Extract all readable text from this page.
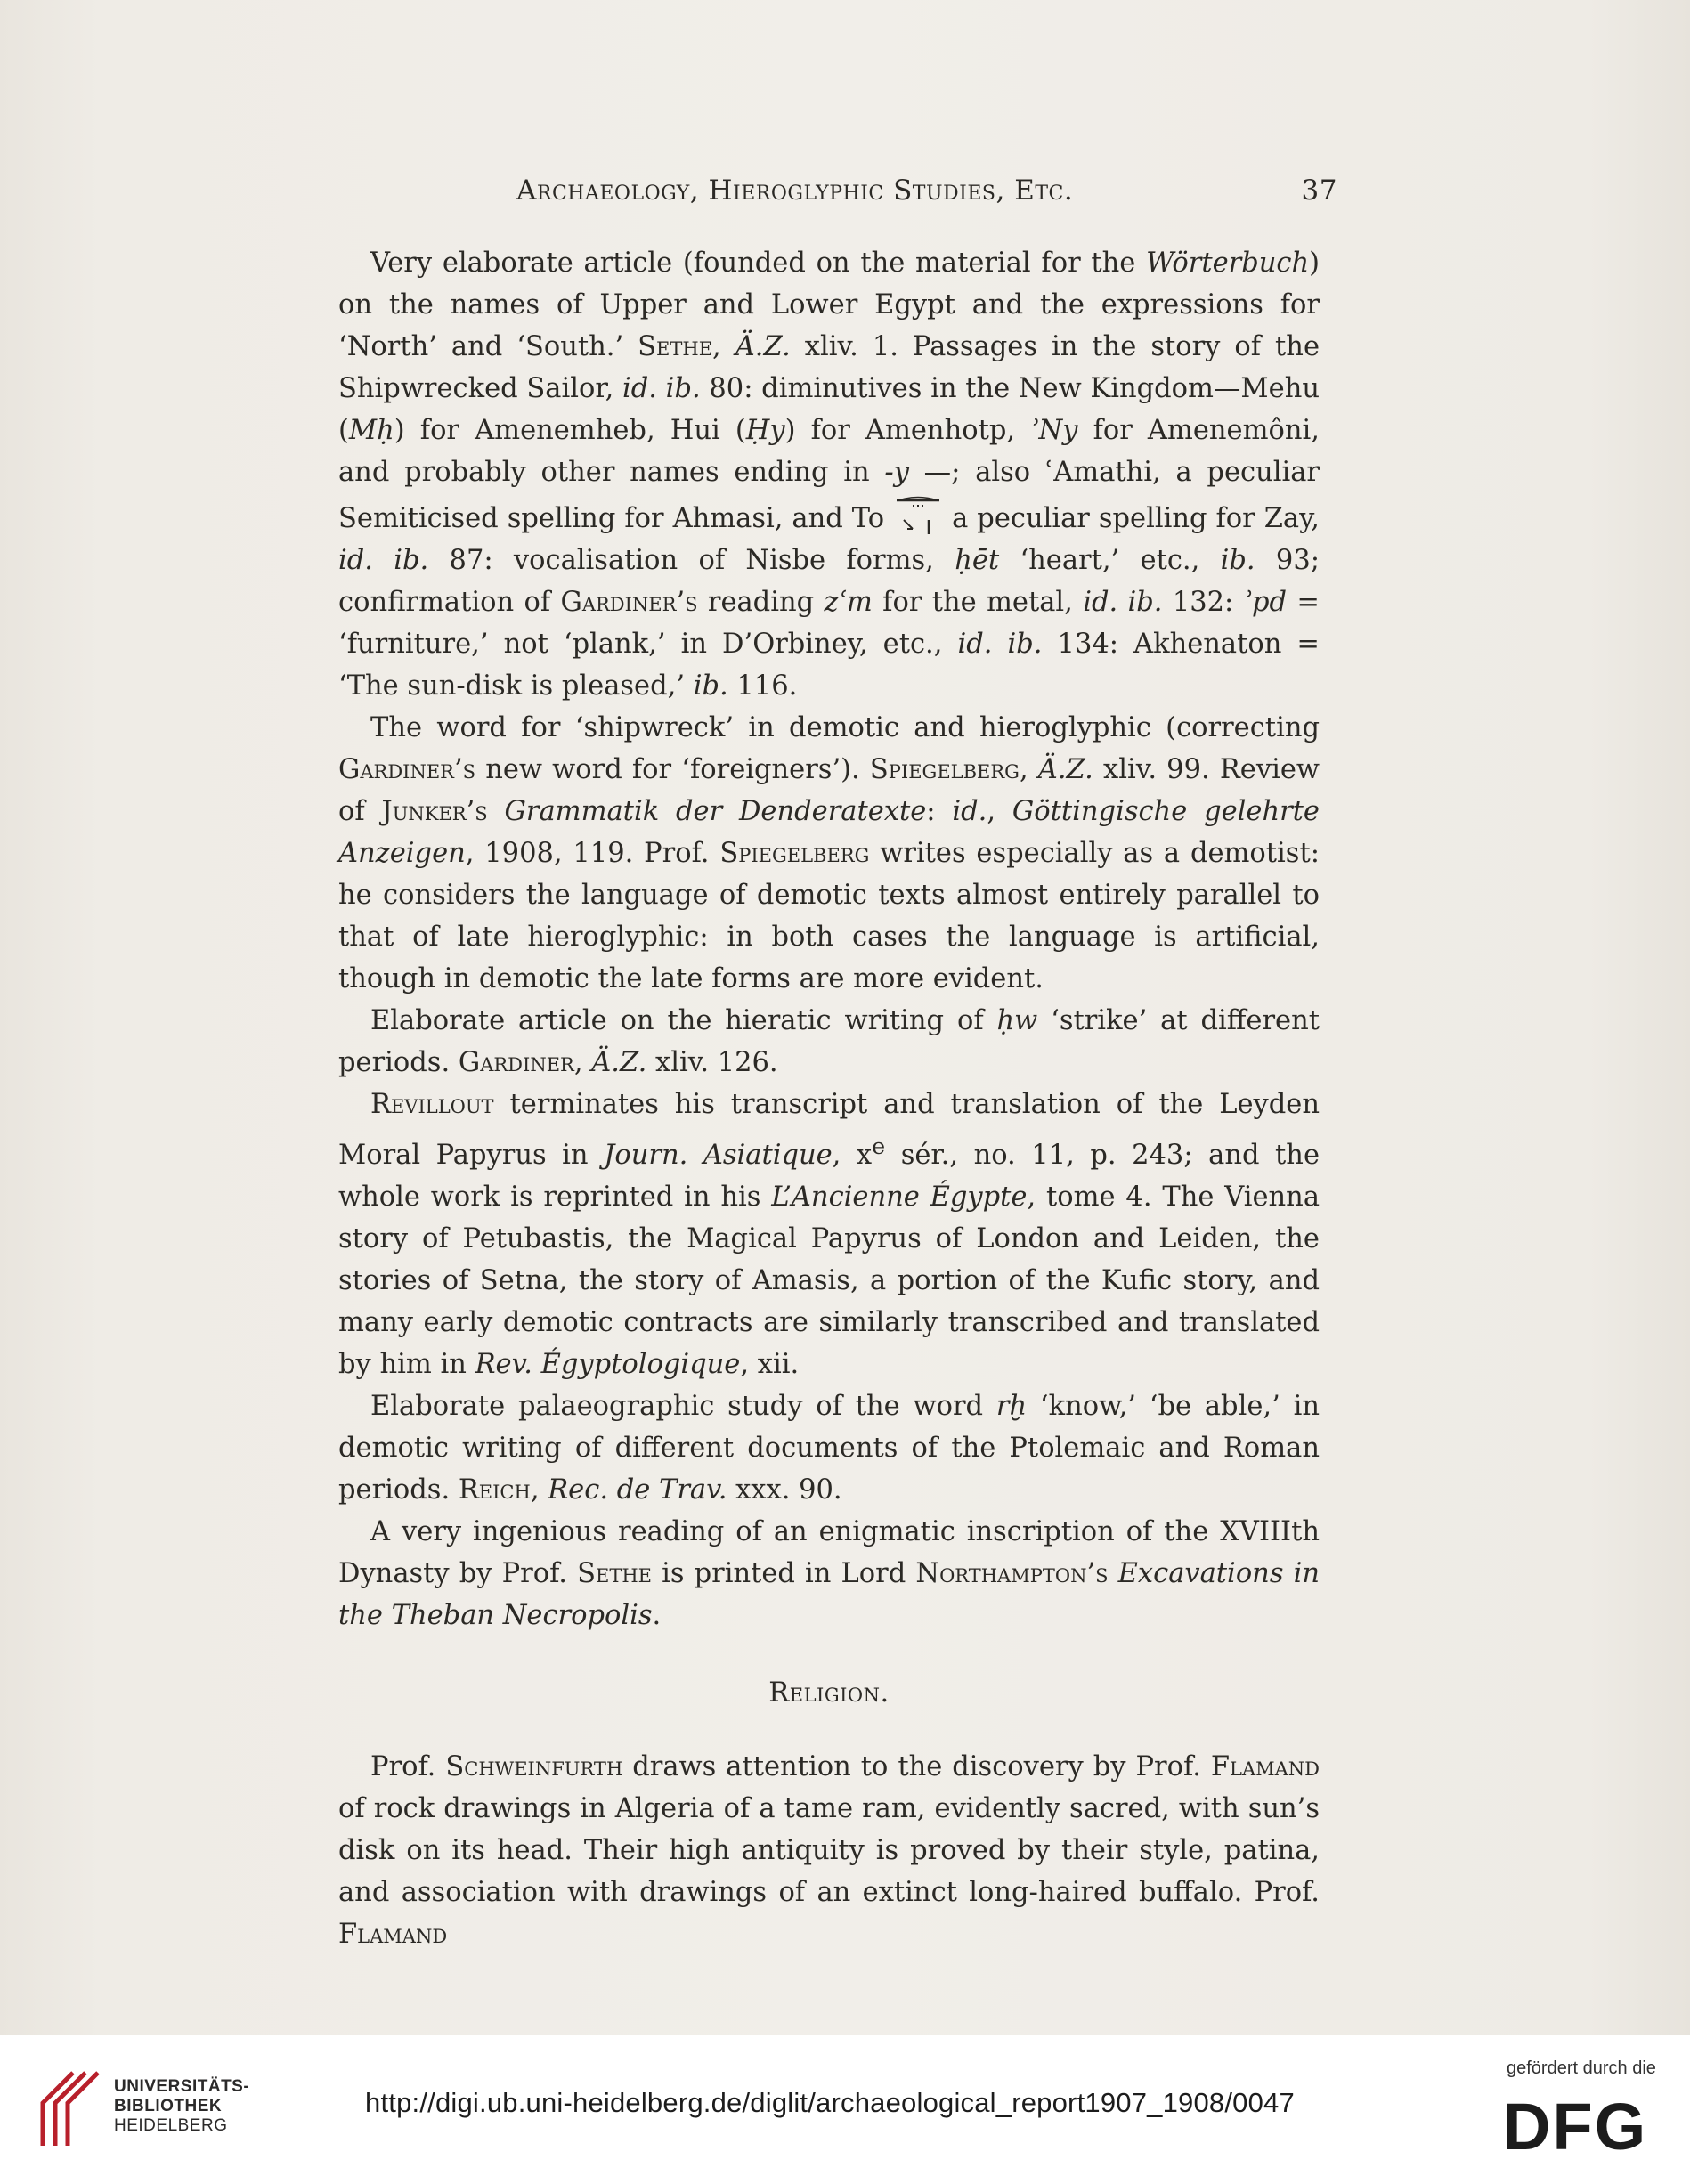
Archaeology, Hieroglyphic Studies, Etc.	37

Very elaborate article (founded on the material for the Wörterbuch) on the names of Upper and Lower Egypt and the expressions for ‘North’ and ‘South.’ Sethe, Ä.Z. xliv. 1. Passages in the story of the Shipwrecked Sailor, id. ib. 80: diminutives in the New Kingdom—Mehu (Mḥ) for Amenemheb, Hui (Ḥy) for Amenhotp, ʾNy for Amenemôni, and probably other names ending in -y —; also ʿAmathi, a peculiar Semiticised spelling for Ahmasi, and To a peculiar spelling for Zay, id. ib. 87: vocalisation of Nisbe forms, ḥēt ‘heart,’ etc., ib. 93; confirmation of Gardiner’s reading zʿm for the metal, id. ib. 132: ʾpd = ‘furniture,’ not ‘plank,’ in D’Orbiney, etc., id. ib. 134: Akhenaton = ‘The sun-disk is pleased,’ ib. 116.

The word for ‘shipwreck’ in demotic and hieroglyphic (correcting Gardiner’s new word for ‘foreigners’). Spiegelberg, Ä.Z. xliv. 99. Review of Junker’s Grammatik der Denderatexte: id., Göttingische gelehrte Anzeigen, 1908, 119. Prof. Spiegelberg writes especially as a demotist: he considers the language of demotic texts almost entirely parallel to that of late hieroglyphic: in both cases the language is artificial, though in demotic the late forms are more evident.

Elaborate article on the hieratic writing of ḥw ‘strike’ at different periods. Gardiner, Ä.Z. xliv. 126.

Revillout terminates his transcript and translation of the Leyden Moral Papyrus in Journ. Asiatique, $x^e$ sér., no. 11, p. 243; and the whole work is reprinted in his L’Ancienne Égypte, tome 4. The Vienna story of Petubastis, the Magical Papyrus of London and Leiden, the stories of Setna, the story of Amasis, a portion of the Kufic story, and many early demotic contracts are similarly transcribed and translated by him in Rev. Égyptologique, xii.

Elaborate palaeographic study of the word rḫ ‘know,’ ‘be able,’ in demotic writing of different documents of the Ptolemaic and Roman periods. Reich, Rec. de Trav. xxx. 90.

A very ingenious reading of an enigmatic inscription of the XVIIIth Dynasty by Prof. Sethe is printed in Lord Northampton’s Excavations in the Theban Necropolis.

Religion.

Prof. Schweinfurth draws attention to the discovery by Prof. Flamand of rock drawings in Algeria of a tame ram, evidently sacred, with sun’s disk on its head. Their high antiquity is proved by their style, patina, and association with drawings of an extinct long-haired buffalo. Prof. Flamand

UNIVERSITÄTS-
BIBLIOTHEK
HEIDELBERG
http://digi.ub.uni-heidelberg.de/diglit/archaeological_report1907_1908/0047
gefördert durch die
DFG
